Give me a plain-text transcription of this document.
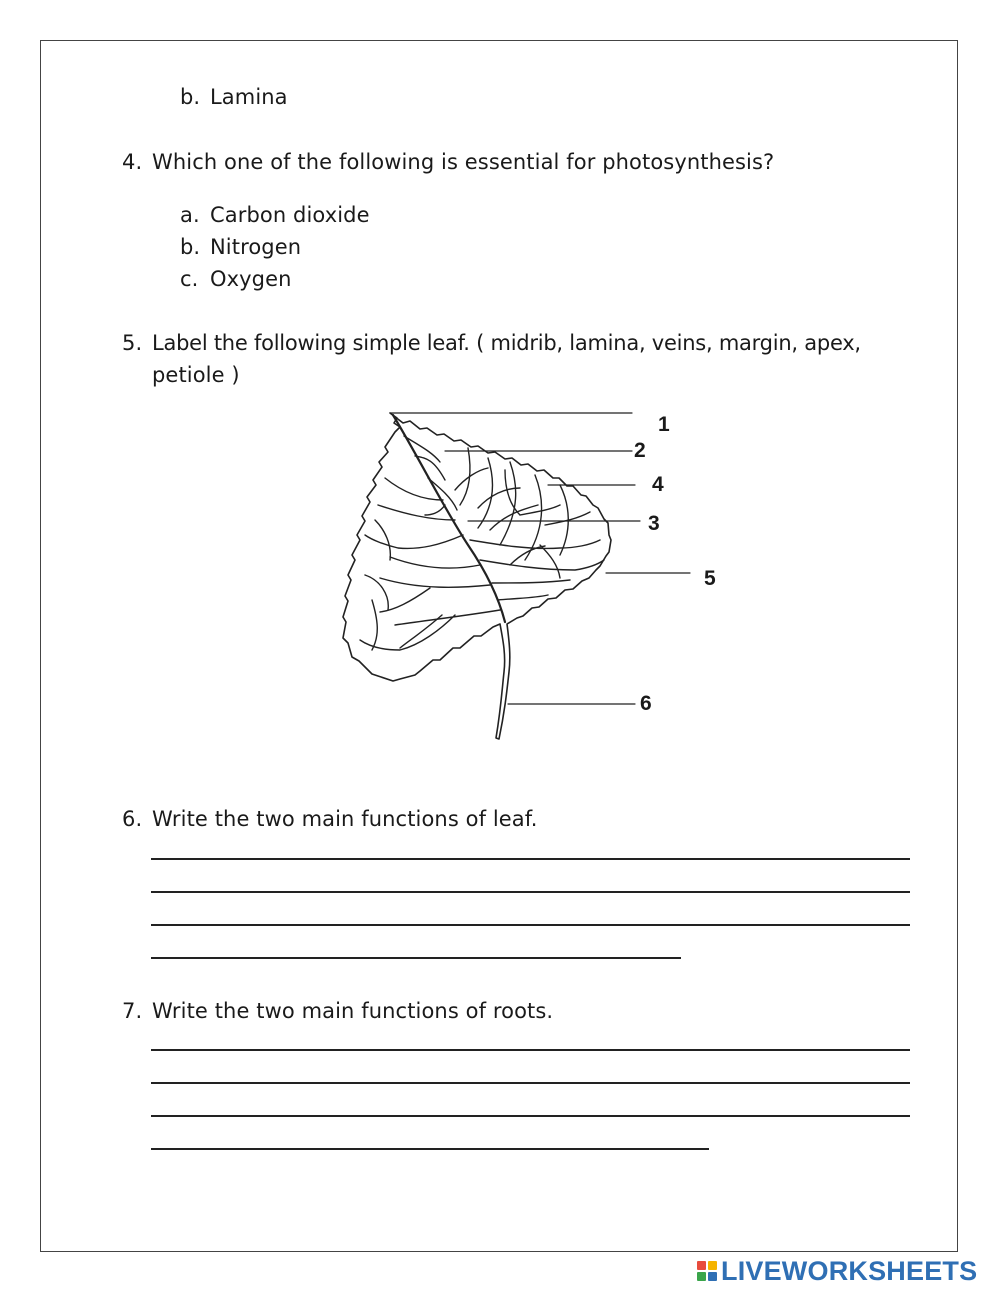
b. Lamina
4. Which one of the following is essential for photosynthesis?
a. Carbon dioxide
b. Nitrogen
c. Oxygen
5. Label the following simple leaf. ( midrib, lamina, veins, margin, apex,
petiole )
1
2
3
4
5
6
6. Write the two main functions of leaf.
7. Write the two main functions of roots.
LIVEWORKSHEETS
